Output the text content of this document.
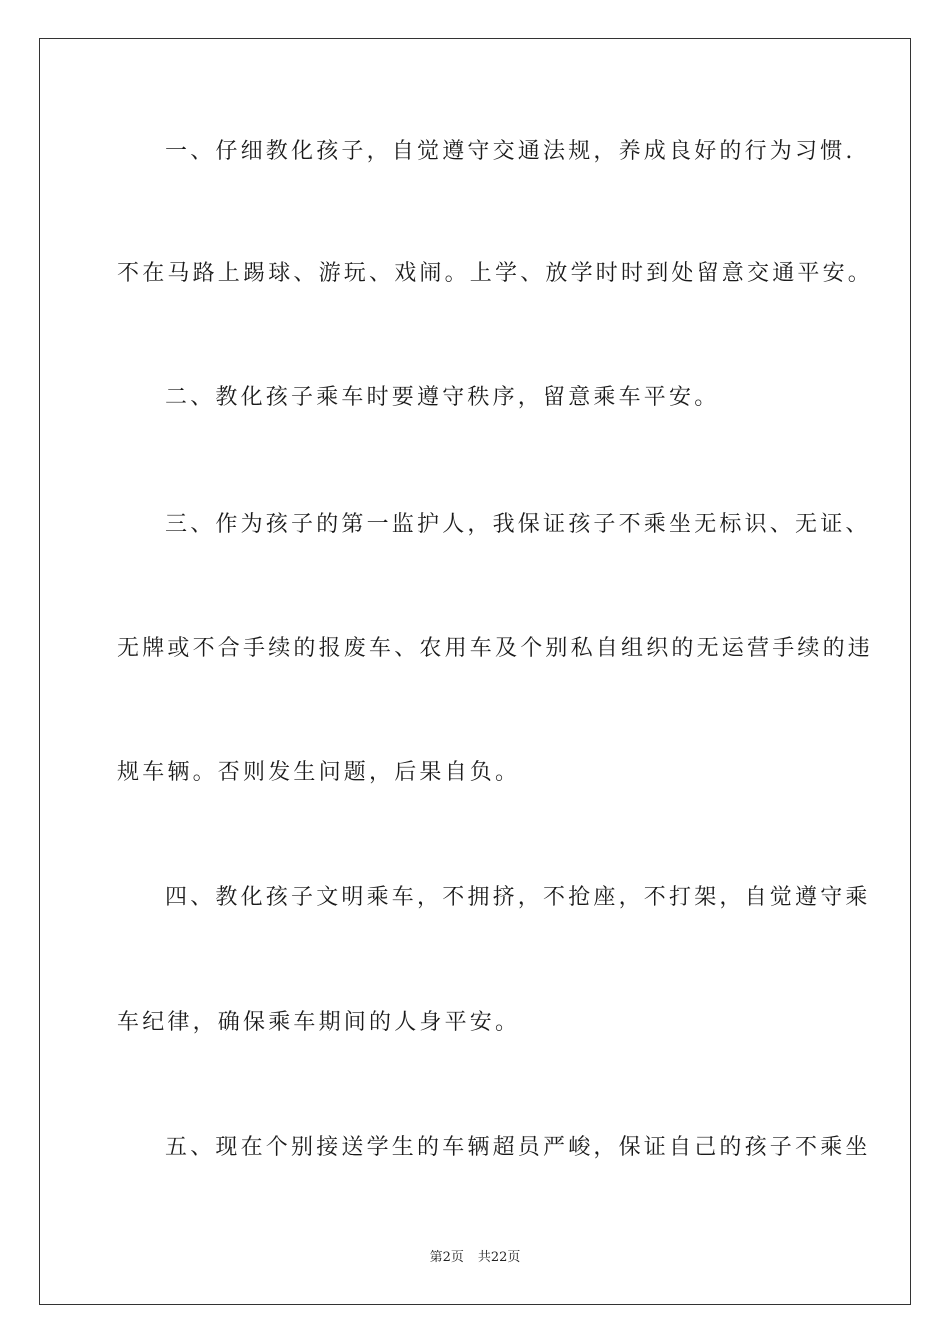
一、仔细教化孩子，自觉遵守交通法规，养成良好的行为习惯.
不在马路上踢球、游玩、戏闹。上学、放学时时到处留意交通平安。
二、教化孩子乘车时要遵守秩序，留意乘车平安。
三、作为孩子的第一监护人，我保证孩子不乘坐无标识、无证、
无牌或不合手续的报废车、农用车及个别私自组织的无运营手续的违
规车辆。否则发生问题，后果自负。
四、教化孩子文明乘车，不拥挤，不抢座，不打架，自觉遵守乘
车纪律，确保乘车期间的人身平安。
五、现在个别接送学生的车辆超员严峻，保证自己的孩子不乘坐
第2页 共22页
